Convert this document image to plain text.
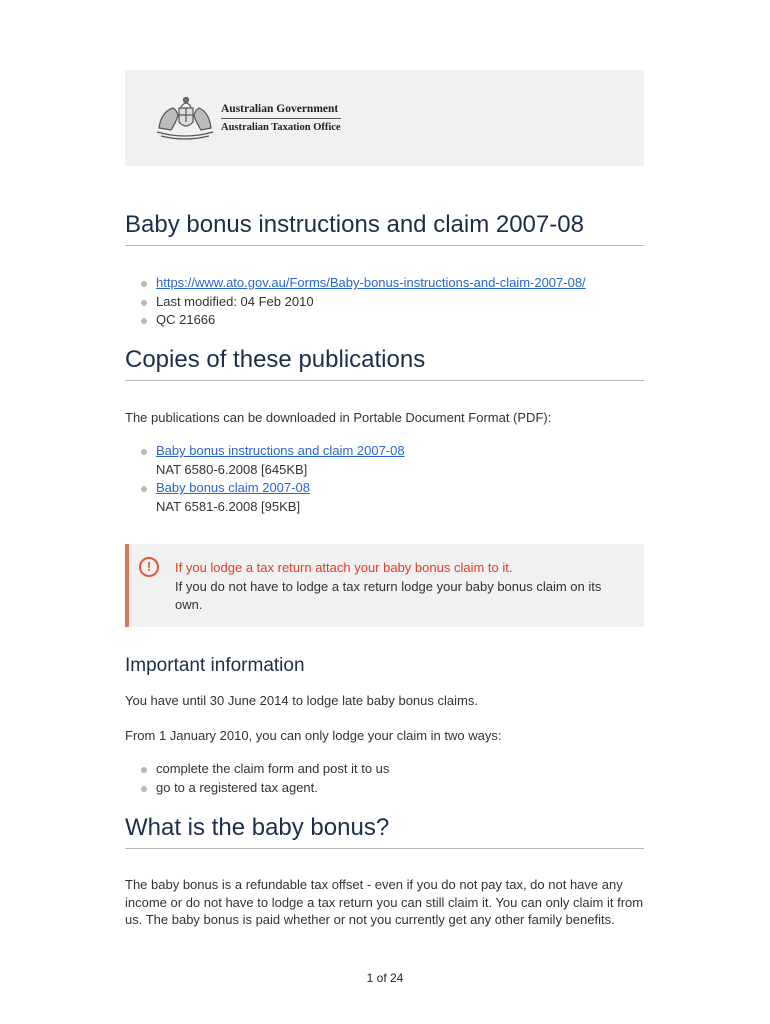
Australian Government
Australian Taxation Office
Baby bonus instructions and claim 2007-08
https://www.ato.gov.au/Forms/Baby-bonus-instructions-and-claim-2007-08/
Last modified: 04 Feb 2010
QC 21666
Copies of these publications

The publications can be downloaded in Portable Document Format (PDF):

Baby bonus instructions and claim 2007-08
NAT 6580-6.2008 [645KB]
Baby bonus claim 2007-08
NAT 6581-6.2008 [95KB]
!	If you lodge a tax return attach your baby bonus claim to it.
If you do not have to lodge a tax return lodge your baby bonus claim on its own.
Important information

You have until 30 June 2014 to lodge late baby bonus claims.

From 1 January 2010, you can only lodge your claim in two ways:

complete the claim form and post it to us
go to a registered tax agent.
What is the baby bonus?

The baby bonus is a refundable tax offset - even if you do not pay tax, do not have any income or do not have to lodge a tax return you can still claim it. You can only claim it from us. The baby bonus is paid whether or not you currently get any other family benefits.

1 of 24
